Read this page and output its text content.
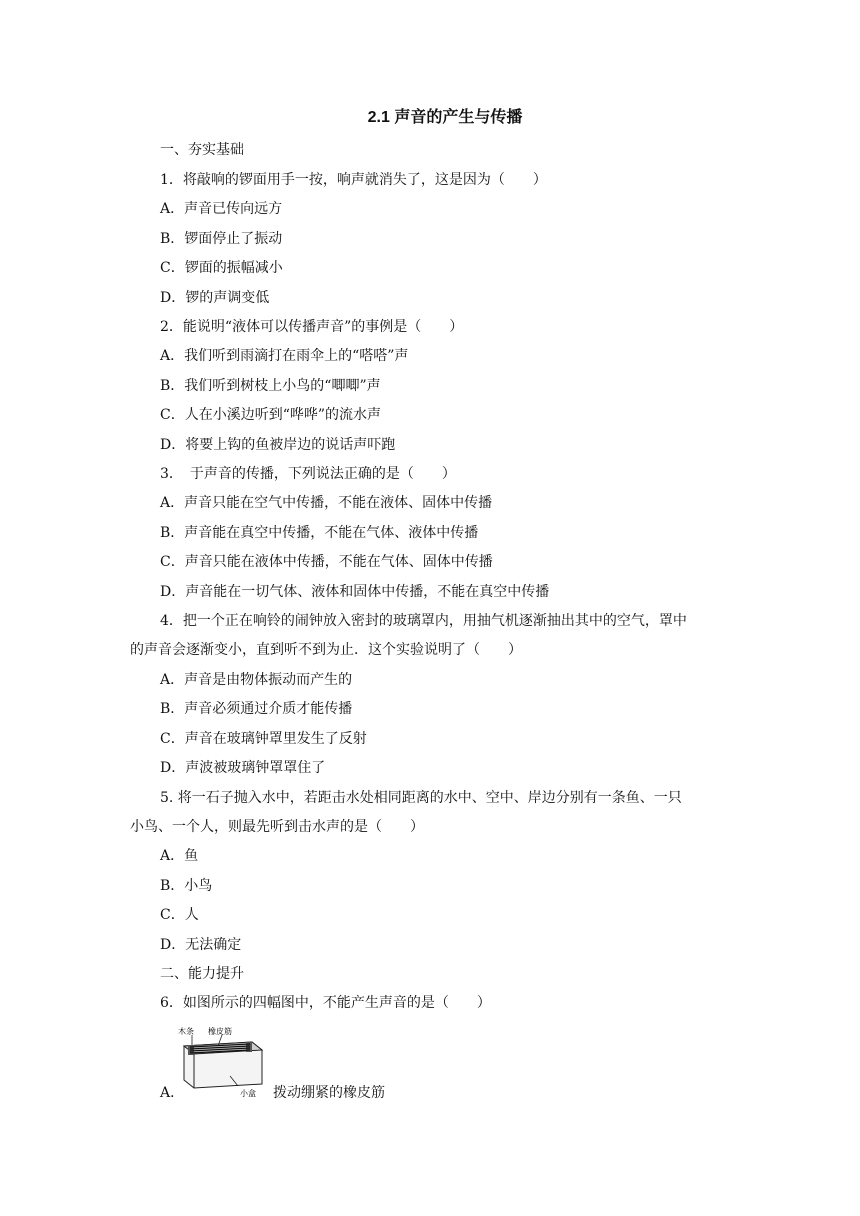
2.1 声音的产生与传播
一、夯实基础
1．将敲响的锣面用手一按，响声就消失了，这是因为（　　）
A．声音已传向远方
B．锣面停止了振动
C．锣面的振幅减小
D．锣的声调变低
2．能说明“液体可以传播声音”的事例是（　　）
A．我们听到雨滴打在雨伞上的“嗒嗒”声
B．我们听到树枝上小鸟的“唧唧”声
C．人在小溪边听到“哗哗”的流水声
D．将要上钩的鱼被岸边的说话声吓跑
3．　于声音的传播，下列说法正确的是（　　）
A．声音只能在空气中传播，不能在液体、固体中传播
B．声音能在真空中传播，不能在气体、液体中传播
C．声音只能在液体中传播，不能在气体、固体中传播
D．声音能在一切气体、液体和固体中传播，不能在真空中传播
4．把一个正在响铃的闹钟放入密封的玻璃罩内，用抽气机逐渐抽出其中的空气，罩中
的声音会逐渐变小，直到听不到为止．这个实验说明了（　　）
A．声音是由物体振动而产生的
B．声音必须通过介质才能传播
C．声音在玻璃钟罩里发生了反射
D．声波被玻璃钟罩罩住了
5. 将一石子抛入水中，若距击水处相同距离的水中、空中、岸边分别有一条鱼、一只
小鸟、一个人，则最先听到击水声的是（　　）
A．鱼
B．小鸟
C．人
D．无法确定
二、能力提升
6．如图所示的四幅图中，不能产生声音的是（　　）
木条 橡皮筋
小盒
A．	拨动绷紧的橡皮筋
